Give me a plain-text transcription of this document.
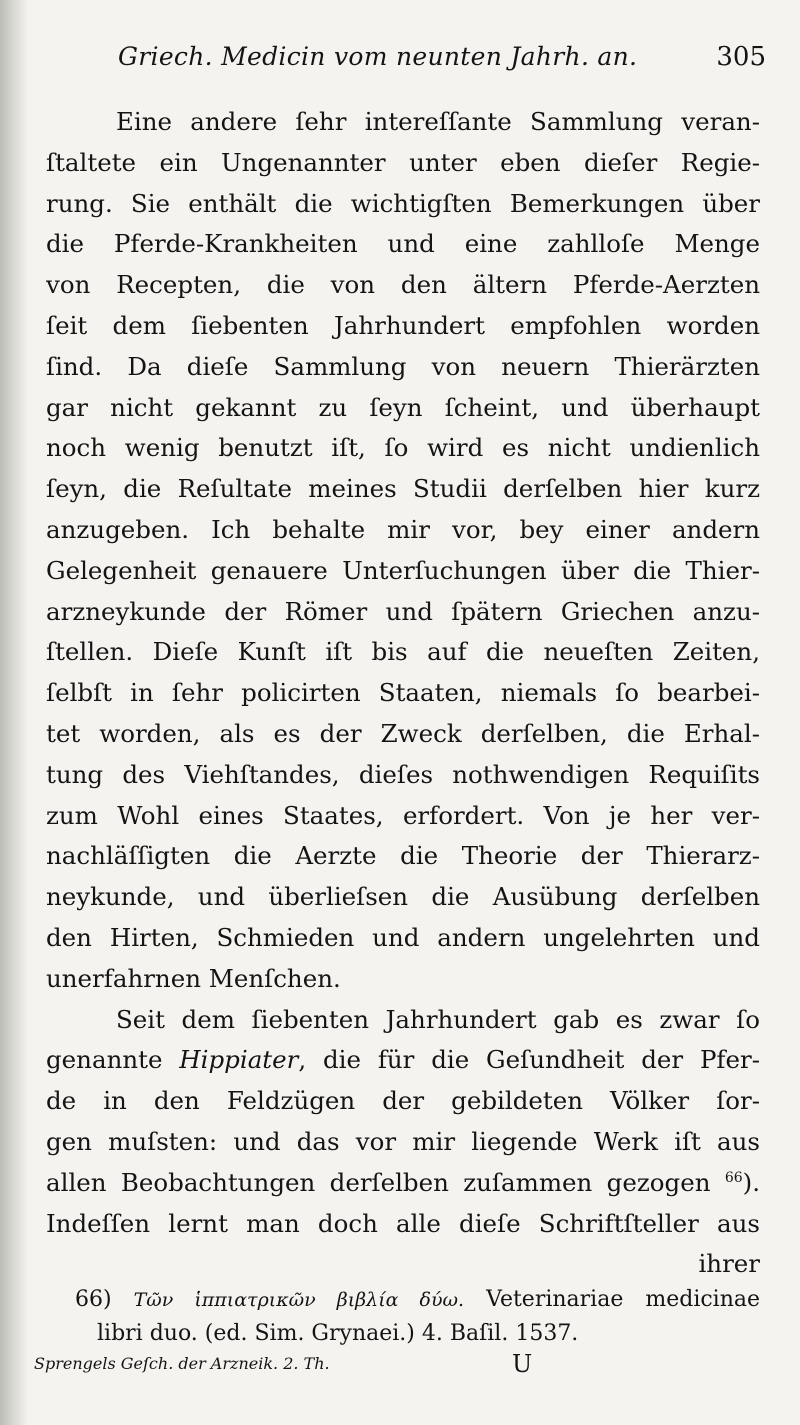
Griech. Medicin vom neunten Jahrh. an.	305
Eine andere ſehr intereſſante Sammlung veran-
ſtaltete ein Ungenannter unter eben dieſer Regie-
rung. Sie enthält die wichtigſten Bemerkungen über
die Pferde-Krankheiten und eine zahlloſe Menge
von Recepten, die von den ältern Pferde-Aerzten
ſeit dem ſiebenten Jahrhundert empfohlen worden
ſind. Da dieſe Sammlung von neuern Thierärzten
gar nicht gekannt zu ſeyn ſcheint, und überhaupt
noch wenig benutzt iſt, ſo wird es nicht undienlich
ſeyn, die Reſultate meines Studii derſelben hier kurz
anzugeben. Ich behalte mir vor, bey einer andern
Gelegenheit genauere Unterſuchungen über die Thier-
arzneykunde der Römer und ſpätern Griechen anzu-
ſtellen. Dieſe Kunſt iſt bis auf die neueſten Zeiten,
ſelbſt in ſehr policirten Staaten, niemals ſo bearbei-
tet worden, als es der Zweck derſelben, die Erhal-
tung des Viehſtandes, dieſes nothwendigen Requiſits
zum Wohl eines Staates, erfordert. Von je her ver-
nachläſſigten die Aerzte die Theorie der Thierarz-
neykunde, und überlieſsen die Ausübung derſelben
den Hirten, Schmieden und andern ungelehrten und
unerfahrnen Menſchen.
Seit dem ſiebenten Jahrhundert gab es zwar ſo
genannte Hippiater, die für die Geſundheit der Pfer-
de in den Feldzügen der gebildeten Völker ſor-
gen muſsten: und das vor mir liegende Werk iſt aus
allen Beobachtungen derſelben zuſammen gezogen $^{66}$).
Indeſſen lernt man doch alle dieſe Schriftſteller aus
ihrer
66) Τῶν ἱππιατρικῶν βιβλία δύω. Veterinariae medicinae
libri duo. (ed. Sim. Grynaei.) 4. Baſil. 1537.
Sprengels Geſch. der Arzneik. 2. Th.	U
